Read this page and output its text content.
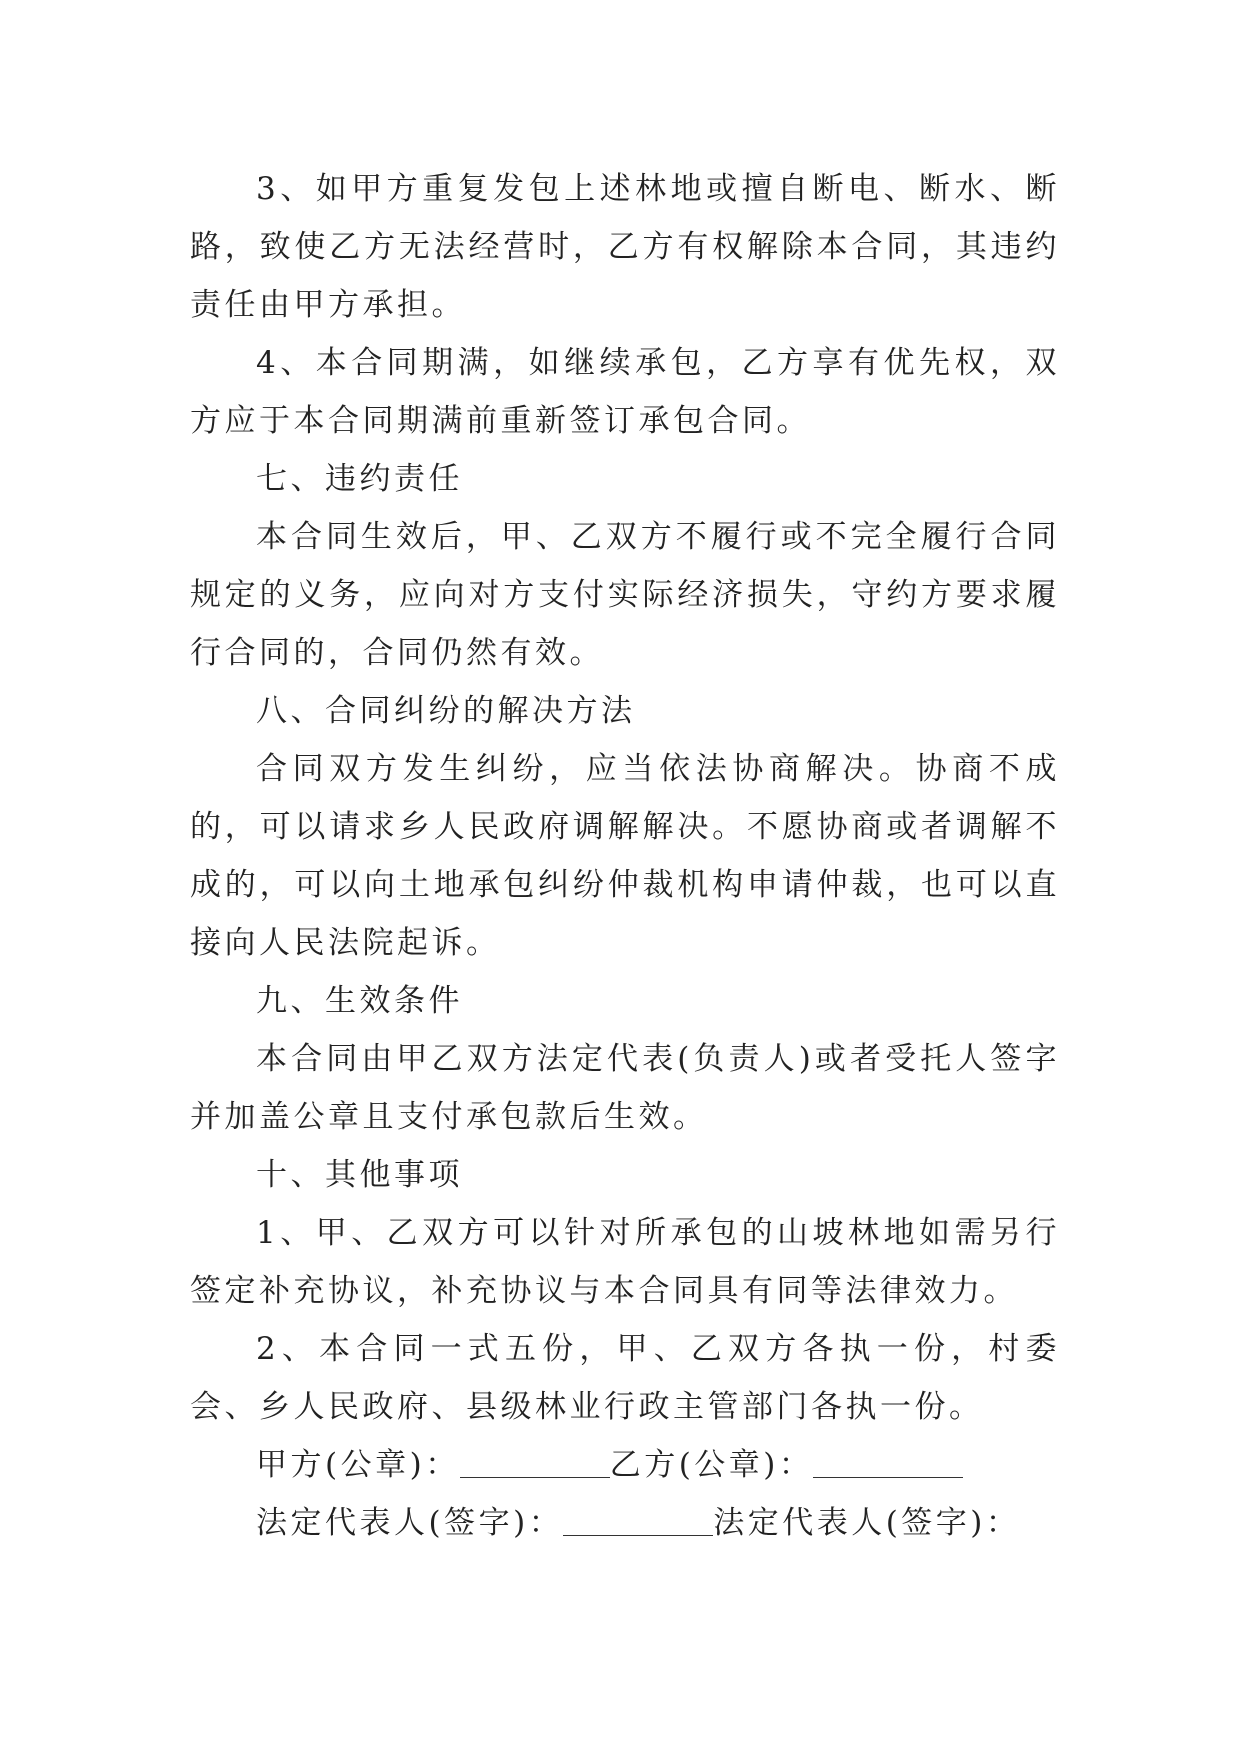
3、如甲方重复发包上述林地或擅自断电、断水、断路，致使乙方无法经营时，乙方有权解除本合同，其违约责任由甲方承担。

4、本合同期满，如继续承包，乙方享有优先权，双方应于本合同期满前重新签订承包合同。

七、违约责任

本合同生效后，甲、乙双方不履行或不完全履行合同规定的义务，应向对方支付实际经济损失，守约方要求履行合同的，合同仍然有效。

八、合同纠纷的解决方法

合同双方发生纠纷，应当依法协商解决。协商不成的，可以请求乡人民政府调解解决。不愿协商或者调解不成的，可以向土地承包纠纷仲裁机构申请仲裁，也可以直接向人民法院起诉。

九、生效条件

本合同由甲乙双方法定代表(负责人)或者受托人签字并加盖公章且支付承包款后生效。

十、其他事项

1、甲、乙双方可以针对所承包的山坡林地如需另行签定补充协议，补充协议与本合同具有同等法律效力。

2、本合同一式五份，甲、乙双方各执一份，村委会、乡人民政府、县级林业行政主管部门各执一份。

甲方(公章)：	乙方(公章)：

法定代表人(签字)：	法定代表人(签字)：
